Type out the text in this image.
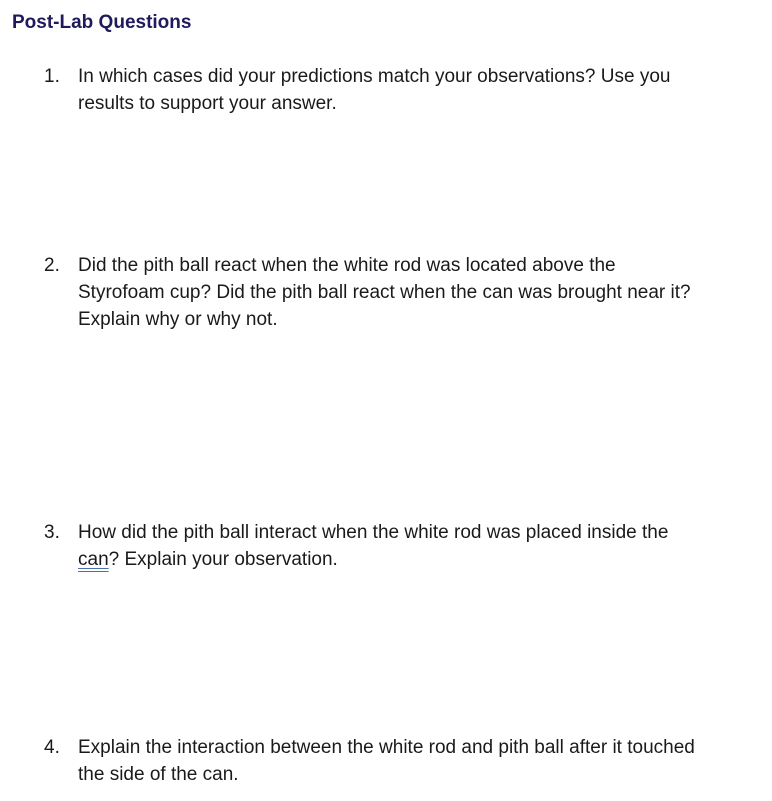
Post-Lab Questions
1. In which cases did your predictions match your observations? Use you
results to support your answer.
2. Did the pith ball react when the white rod was located above the
Styrofoam cup? Did the pith ball react when the can was brought near it?
Explain why or why not.
3. How did the pith ball interact when the white rod was placed inside the
can? Explain your observation.
4. Explain the interaction between the white rod and pith ball after it touched
the side of the can.
